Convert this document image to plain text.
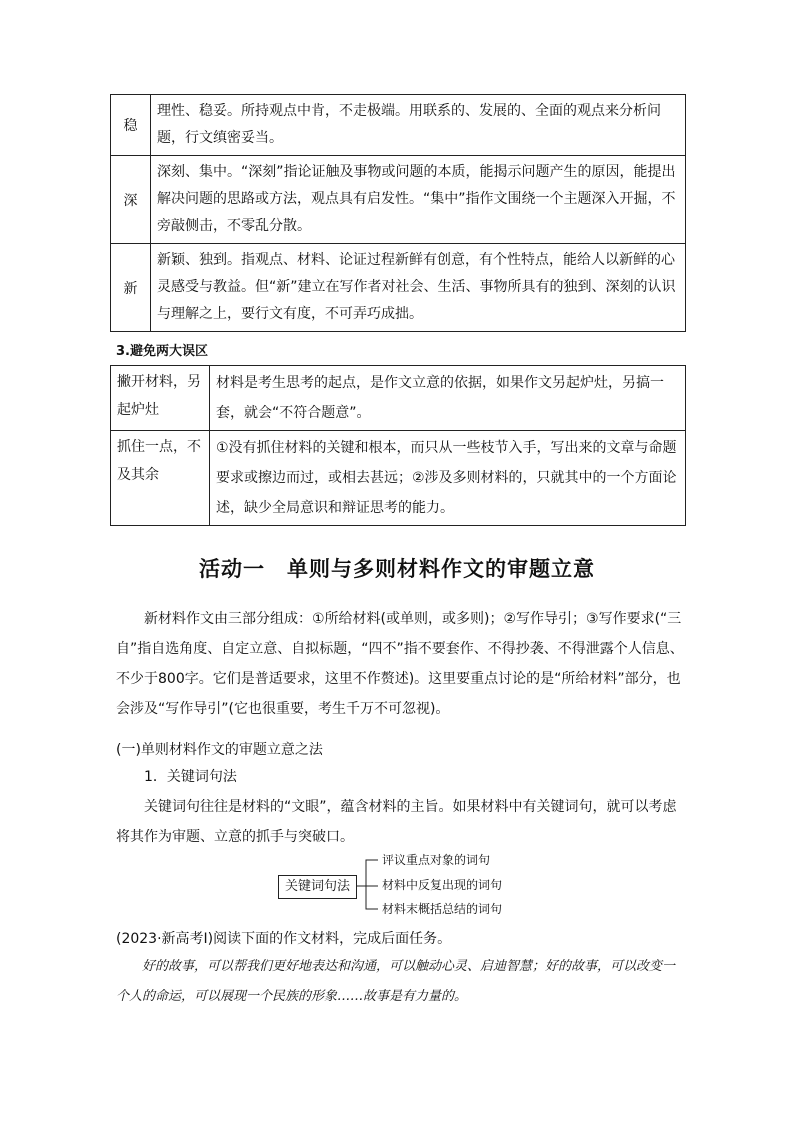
稳	理性、稳妥。所持观点中肯，不走极端。用联系的、发展的、全面的观点来分析问题，行文缜密妥当。
深	深刻、集中。“深刻”指论证触及事物或问题的本质，能揭示问题产生的原因，能提出解决问题的思路或方法，观点具有启发性。“集中”指作文围绕一个主题深入开掘，不旁敲侧击，不零乱分散。
新	新颖、独到。指观点、材料、论证过程新鲜有创意，有个性特点，能给人以新鲜的心灵感受与教益。但“新”建立在写作者对社会、生活、事物所具有的独到、深刻的认识与理解之上，要行文有度，不可弄巧成拙。
3.避免两大误区
撇开材料，另起炉灶	材料是考生思考的起点，是作文立意的依据，如果作文另起炉灶，另搞一套，就会“不符合题意”。
抓住一点，不及其余	①没有抓住材料的关键和根本，而只从一些枝节入手，写出来的文章与命题要求或擦边而过，或相去甚远；②涉及多则材料的，只就其中的一个方面论述，缺少全局意识和辩证思考的能力。
活动一　单则与多则材料作文的审题立意
新材料作文由三部分组成：①所给材料(或单则，或多则)；②写作导引；③写作要求(“三自”指自选角度、自定立意、自拟标题，“四不”指不要套作、不得抄袭、不得泄露个人信息、不少于800字。它们是普适要求，这里不作赘述)。这里要重点讨论的是“所给材料”部分，也会涉及“写作导引”(它也很重要，考生千万不可忽视)。
(一)单则材料作文的审题立意之法
1．关键词句法
关键词句往往是材料的“文眼”，蕴含材料的主旨。如果材料中有关键词句，就可以考虑将其作为审题、立意的抓手与突破口。
关键词句法
评议重点对象的词句
材料中反复出现的词句
材料末概括总结的词句
(2023·新高考Ⅰ)阅读下面的作文材料，完成后面任务。
好的故事，可以帮我们更好地表达和沟通，可以触动心灵、启迪智慧；好的故事，可以改变一个人的命运，可以展现一个民族的形象……故事是有力量的。
